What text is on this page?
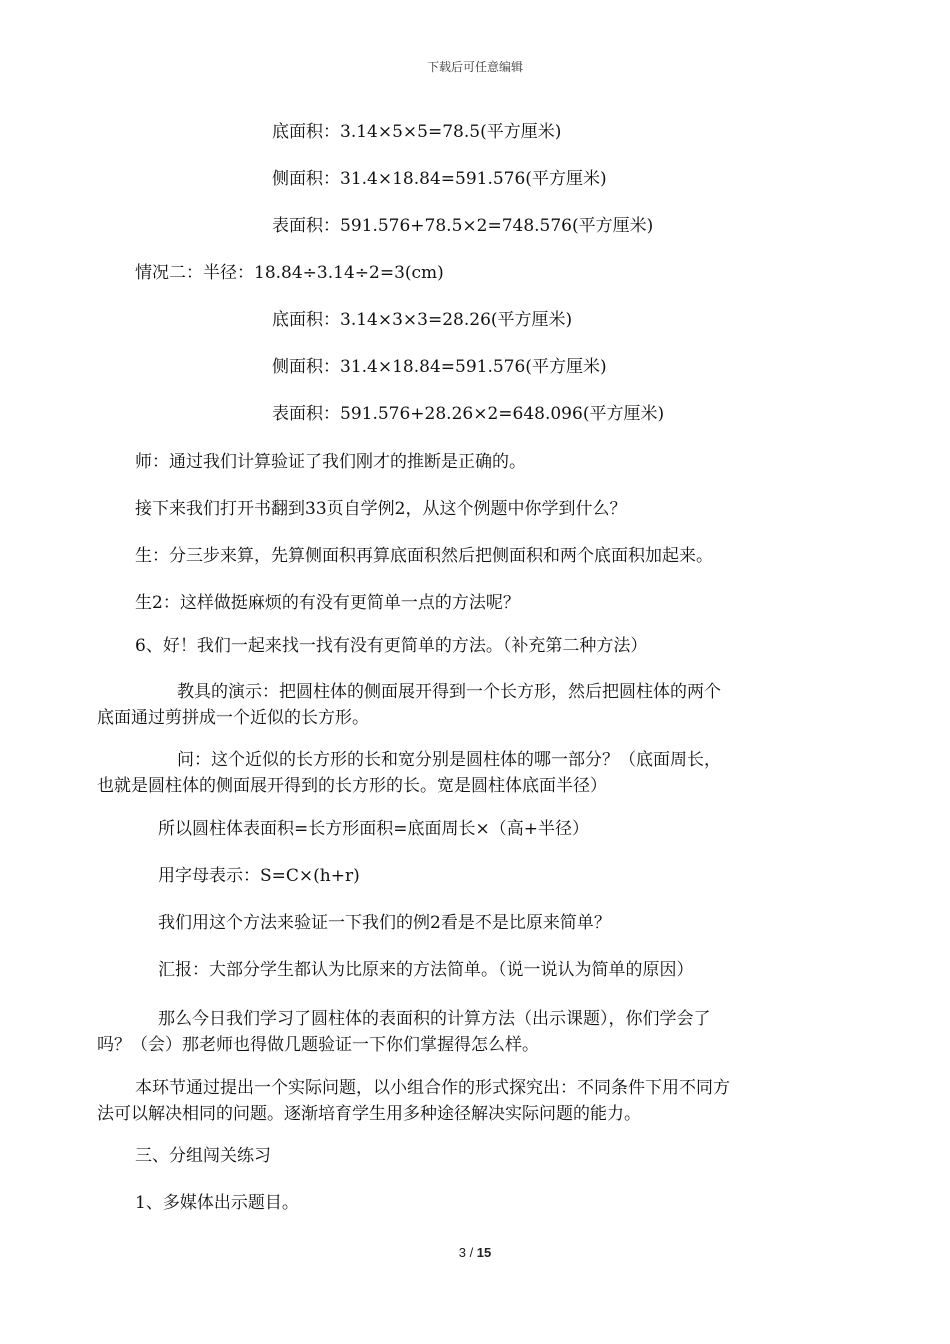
下载后可任意编辑
底面积：3.14×5×5=78.5(平方厘米)
侧面积：31.4×18.84=591.576(平方厘米)
表面积：591.576+78.5×2=748.576(平方厘米)
情况二：半径：18.84÷3.14÷2=3(cm)
底面积：3.14×3×3=28.26(平方厘米)
侧面积：31.4×18.84=591.576(平方厘米)
表面积：591.576+28.26×2=648.096(平方厘米)
师：通过我们计算验证了我们刚才的推断是正确的。
接下来我们打开书翻到33页自学例2，从这个例题中你学到什么？
生：分三步来算，先算侧面积再算底面积然后把侧面积和两个底面积加起来。
生2：这样做挺麻烦的有没有更简单一点的方法呢？
6、好！我们一起来找一找有没有更简单的方法。（补充第二种方法）
教具的演示：把圆柱体的侧面展开得到一个长方形，然后把圆柱体的两个
底面通过剪拼成一个近似的长方形。
问：这个近似的长方形的长和宽分别是圆柱体的哪一部分？（底面周长，
也就是圆柱体的侧面展开得到的长方形的长。宽是圆柱体底面半径）
所以圆柱体表面积=长方形面积=底面周长×（高+半径）
用字母表示：S=C×(h+r)
我们用这个方法来验证一下我们的例2看是不是比原来简单？
汇报：大部分学生都认为比原来的方法简单。（说一说认为简单的原因）
那么今日我们学习了圆柱体的表面积的计算方法（出示课题），你们学会了
吗？（会）那老师也得做几题验证一下你们掌握得怎么样。
本环节通过提出一个实际问题，以小组合作的形式探究出：不同条件下用不同方
法可以解决相同的问题。逐渐培育学生用多种途径解决实际问题的能力。
三、分组闯关练习
1、多媒体出示题目。
3 / 15
